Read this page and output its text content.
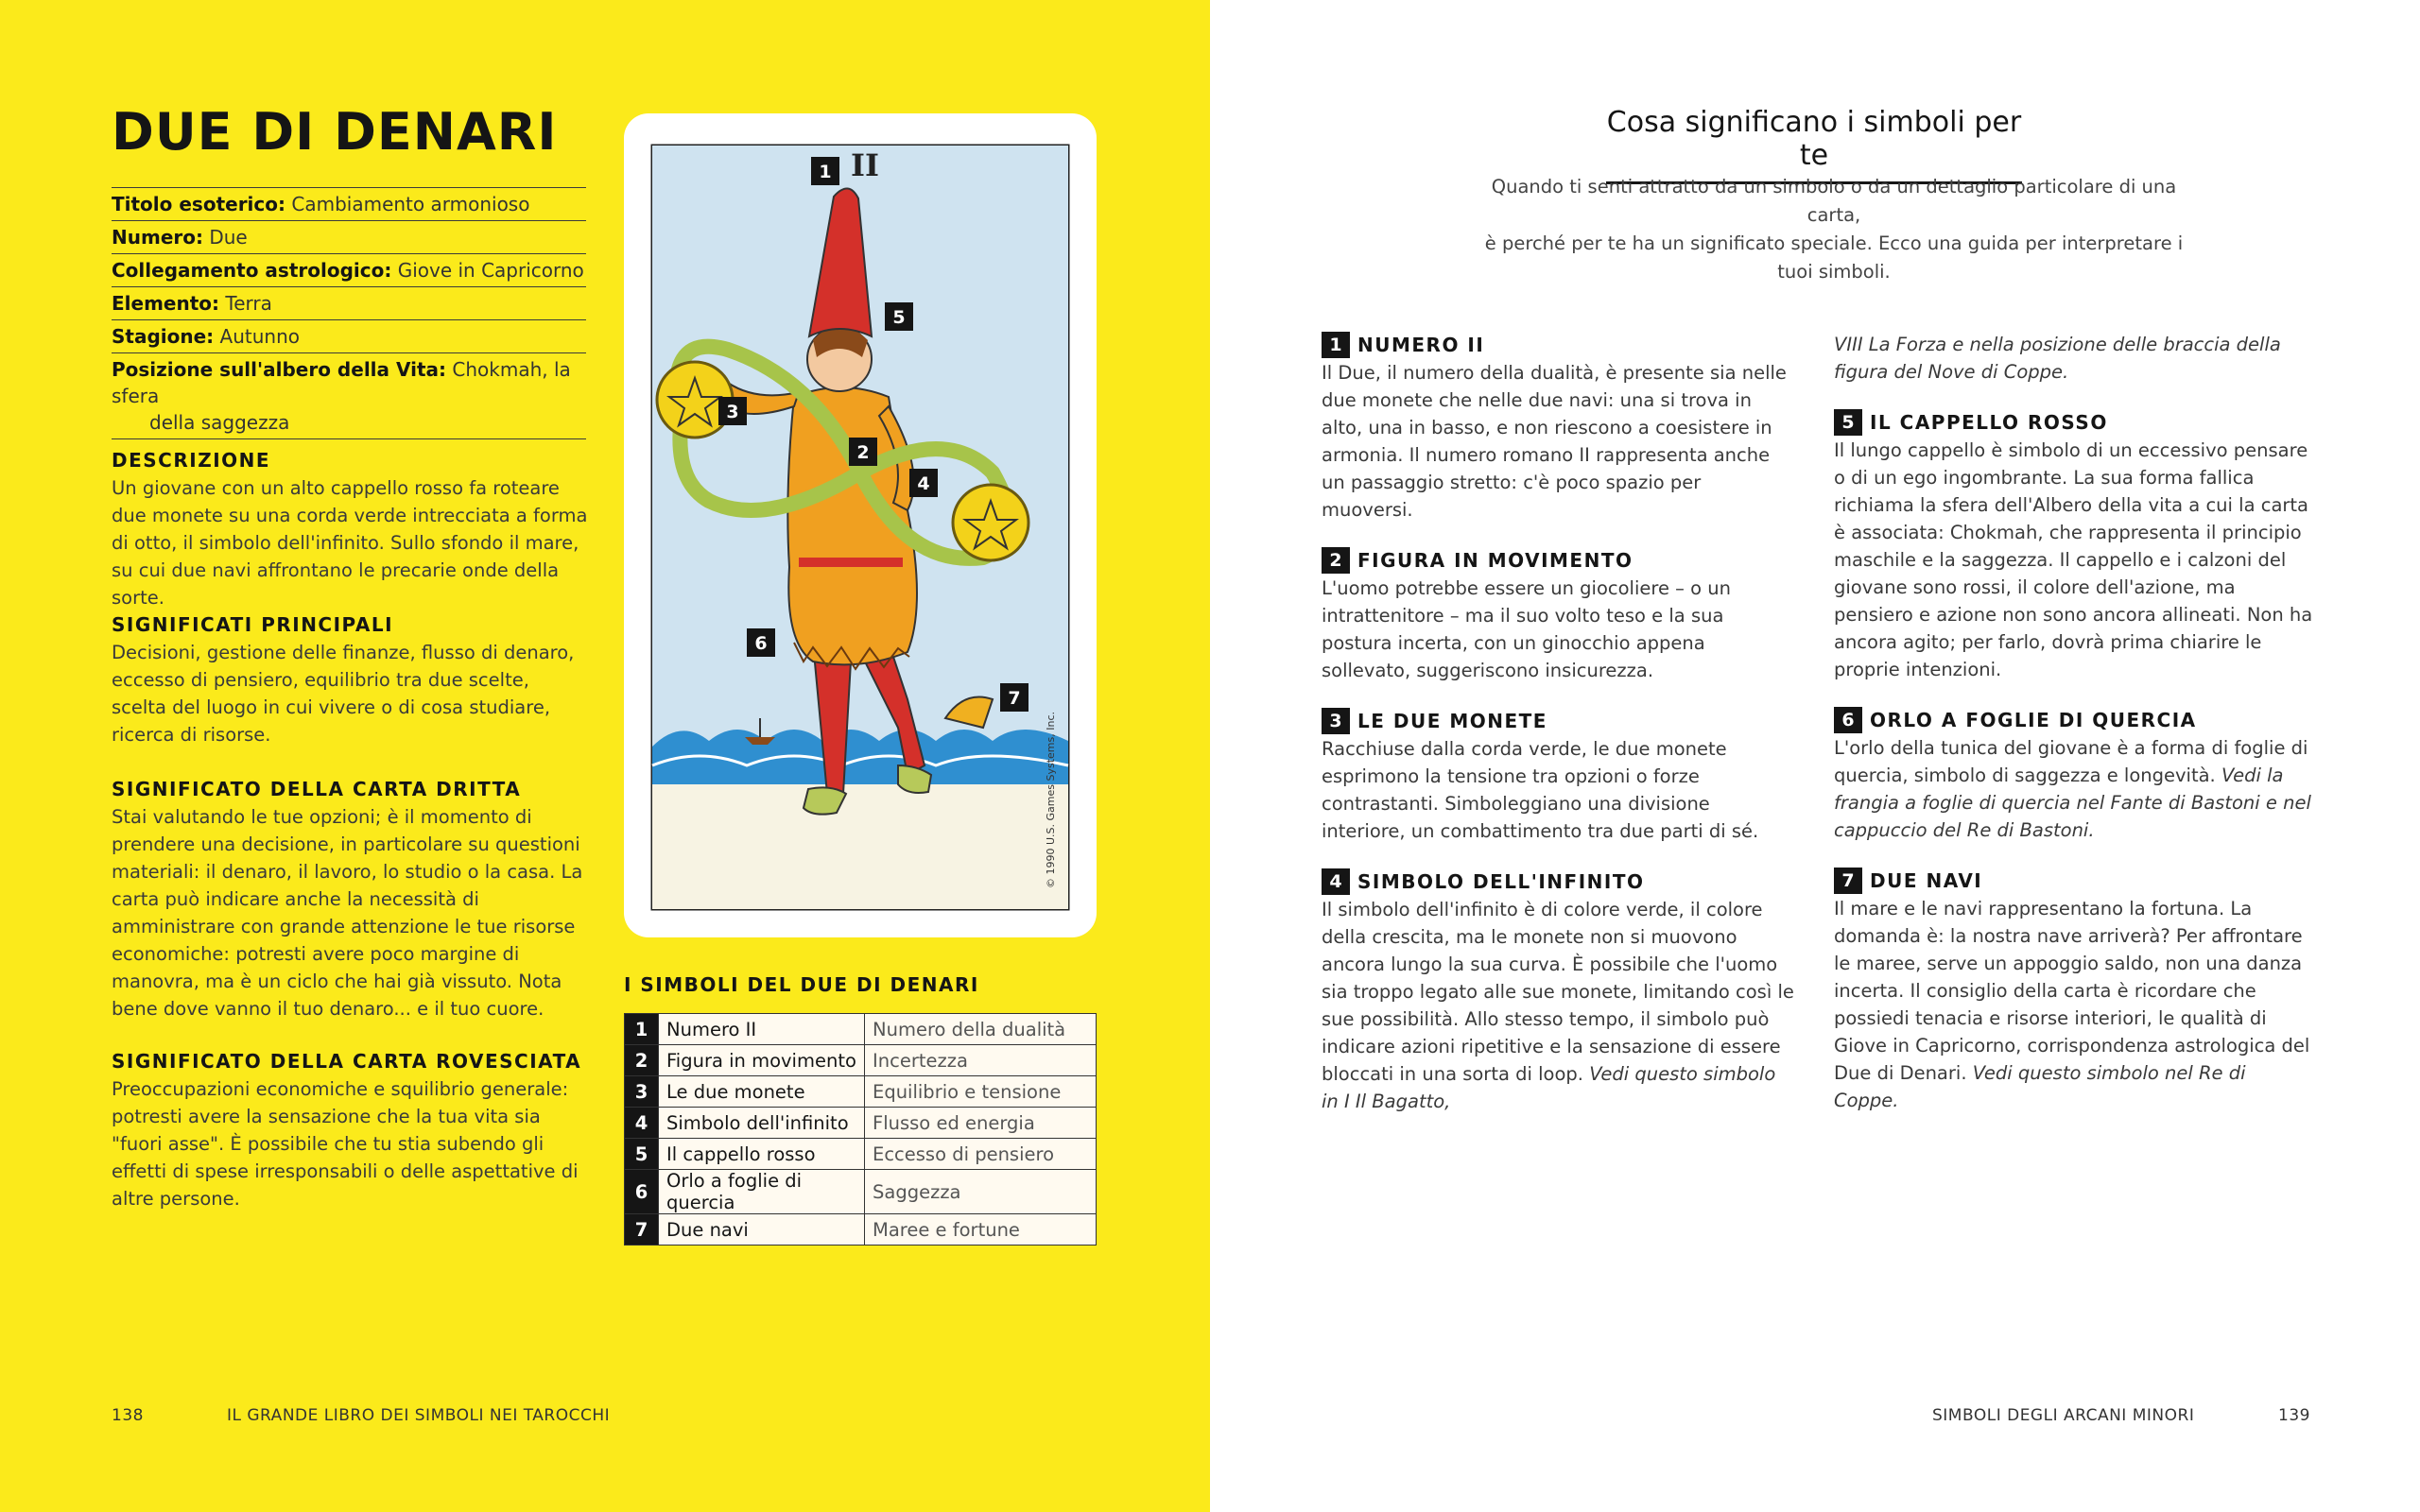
DUE DI DENARI
Titolo esoterico: Cambiamento armonioso
Numero: Due
Collegamento astrologico: Giove in Capricorno
Elemento: Terra
Stagione: Autunno
Posizione sull'albero della Vita: Chokmah, la sfera
della saggezza
DESCRIZIONE
Un giovane con un alto cappello rosso fa roteare due monete su una corda verde intrecciata a forma di otto, il simbolo dell'infinito. Sullo sfondo il mare, su cui due navi affrontano le precarie onde della sorte.
SIGNIFICATI PRINCIPALI
Decisioni, gestione delle finanze, flusso di denaro, eccesso di pensiero, equilibrio tra due scelte, scelta del luogo in cui vivere o di cosa studiare, ricerca di risorse.
SIGNIFICATO DELLA CARTA DRITTA
Stai valutando le tue opzioni; è il momento di prendere una decisione, in particolare su questioni materiali: il denaro, il lavoro, lo studio o la casa. La carta può indicare anche la necessità di amministrare con grande attenzione le tue risorse economiche: potresti avere poco margine di manovra, ma è un ciclo che hai già vissuto. Nota bene dove vanno il tuo denaro... e il tuo cuore.
SIGNIFICATO DELLA CARTA ROVESCIATA
Preoccupazioni economiche e squilibrio generale: potresti avere la sensazione che la tua vita sia "fuori asse". È possibile che tu stia subendo gli effetti di spese irresponsabili o delle aspettative di altre persone.
II
© 1990 U.S. Games Systems, Inc.
1
2
3
4
5
6
7
I SIMBOLI DEL DUE DI DENARI
1	Numero II	Numero della dualità
2	Figura in movimento	Incertezza
3	Le due monete	Equilibrio e tensione
4	Simbolo dell'infinito	Flusso ed energia
5	Il cappello rosso	Eccesso di pensiero
6	Orlo a foglie di quercia	Saggezza
7	Due navi	Maree e fortune
138	IL GRANDE LIBRO DEI SIMBOLI NEI TAROCCHI
Cosa significano i simboli per te
Quando ti senti attratto da un simbolo o da un dettaglio particolare di una carta,
è perché per te ha un significato speciale. Ecco una guida per interpretare i tuoi simboli.
1 NUMERO II
Il Due, il numero della dualità, è presente sia nelle due monete che nelle due navi: una si trova in alto, una in basso, e non riescono a coesistere in armonia. Il numero romano II rappresenta anche un passaggio stretto: c'è poco spazio per muoversi.
2 FIGURA IN MOVIMENTO
L'uomo potrebbe essere un giocoliere – o un intrattenitore – ma il suo volto teso e la sua postura incerta, con un ginocchio appena sollevato, suggeriscono insicurezza.
3 LE DUE MONETE
Racchiuse dalla corda verde, le due monete esprimono la tensione tra opzioni o forze contrastanti. Simboleggiano una divisione interiore, un combattimento tra due parti di sé.
4 SIMBOLO DELL'INFINITO
Il simbolo dell'infinito è di colore verde, il colore della crescita, ma le monete non si muovono ancora lungo la sua curva. È possibile che l'uomo sia troppo legato alle sue monete, limitando così le sue possibilità. Allo stesso tempo, il simbolo può indicare azioni ripetitive e la sensazione di essere bloccati in una sorta di loop. Vedi questo simbolo in I Il Bagatto,
VIII La Forza e nella posizione delle braccia della figura del Nove di Coppe.
5 IL CAPPELLO ROSSO
Il lungo cappello è simbolo di un eccessivo pensare o di un ego ingombrante. La sua forma fallica richiama la sfera dell'Albero della vita a cui la carta è associata: Chokmah, che rappresenta il principio maschile e la saggezza. Il cappello e i calzoni del giovane sono rossi, il colore dell'azione, ma pensiero e azione non sono ancora allineati. Non ha ancora agito; per farlo, dovrà prima chiarire le proprie intenzioni.
6 ORLO A FOGLIE DI QUERCIA
L'orlo della tunica del giovane è a forma di foglie di quercia, simbolo di saggezza e longevità. Vedi la frangia a foglie di quercia nel Fante di Bastoni e nel cappuccio del Re di Bastoni.
7 DUE NAVI
Il mare e le navi rappresentano la fortuna. La domanda è: la nostra nave arriverà? Per affrontare le maree, serve un appoggio saldo, non una danza incerta. Il consiglio della carta è ricordare che possiedi tenacia e risorse interiori, le qualità di Giove in Capricorno, corrispondenza astrologica del Due di Denari. Vedi questo simbolo nel Re di Coppe.
SIMBOLI DEGLI ARCANI MINORI	139
